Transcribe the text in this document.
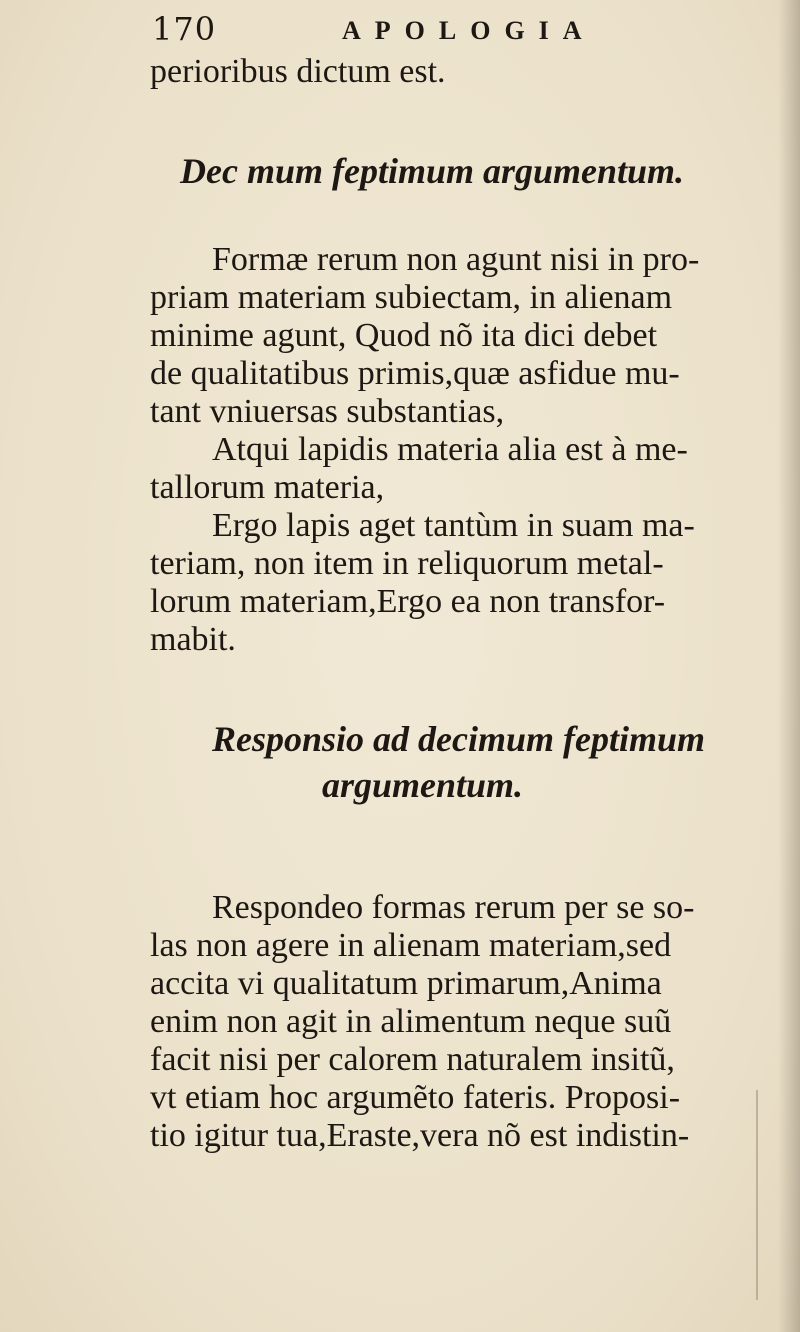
170	APOLOGIA
perioribus dictum est.
Dec mum feptimum argumentum.
Formæ rerum non agunt nisi in pro-
priam materiam subiectam, in alienam
minime agunt, Quod nõ ita dici debet
de qualitatibus primis,quæ asfidue mu-
tant vniuersas substantias,
Atqui lapidis materia alia est à me-
tallorum materia,
Ergo lapis aget tantùm in suam ma-
teriam, non item in reliquorum metal-
lorum materiam,Ergo ea non transfor-
mabit.
Responsio ad decimum feptimum
argumentum.
Respondeo formas rerum per se so-
las non agere in alienam materiam,sed
accita vi qualitatum primarum,Anima
enim non agit in alimentum neque suũ
facit nisi per calorem naturalem insitũ,
vt etiam hoc argumẽto fateris. Proposi-
tio igitur tua,Eraste,vera nõ est indistin-
